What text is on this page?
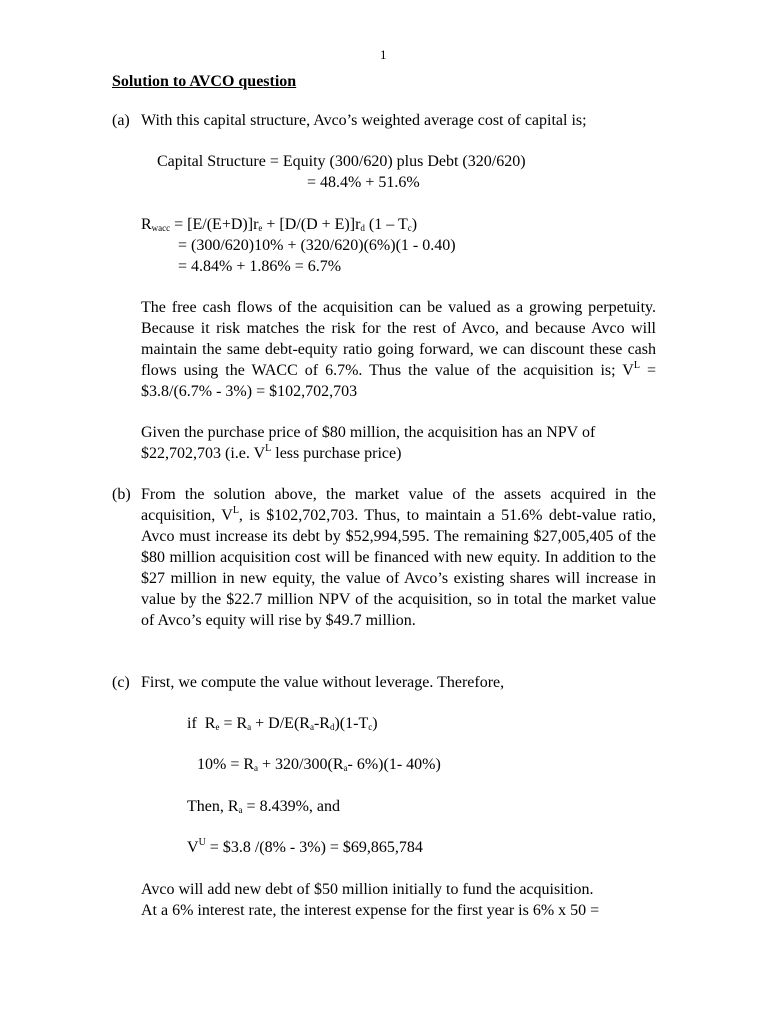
1
Solution to AVCO question
(a) With this capital structure, Avco’s weighted average cost of capital is;
Capital Structure = Equity (300/620) plus Debt (320/620)
= 48.4% + 51.6%
$R_{wacc} = [E/(E+D)]r_e + [D/(D + E)]r_d$ $(1 - T_c)$
= (300/620)10% + (320/620)(6%)(1 - 0.40)
= 4.84% + 1.86% = 6.7%
The free cash flows of the acquisition can be valued as a growing perpetuity. Because it risk matches the risk for the rest of Avco, and because Avco will maintain the same debt-equity ratio going forward, we can discount these cash flows using the WACC of 6.7%. Thus the value of the acquisition is; $V^L$ = $3.8/(6.7% - 3%) = $102,702,703
Given the purchase price of $80 million, the acquisition has an NPV of
$22,702,703 (i.e. $V^L$ less purchase price)
(b) From the solution above, the market value of the assets acquired in the acquisition, $V^L$, is $102,702,703. Thus, to maintain a 51.6% debt-value ratio, Avco must increase its debt by $52,994,595. The remaining $27,005,405 of the $80 million acquisition cost will be financed with new equity. In addition to the $27 million in new equity, the value of Avco’s existing shares will increase in value by the $22.7 million NPV of the acquisition, so in total the market value of Avco’s equity will rise by $49.7 million.
(c) First, we compute the value without leverage. Therefore,
if $R_e = R_a + D/E(R_a-R_d)(1-T_c)$
$10\% = R_a + 320/300(R_a-$ 6%)(1- 40%)
Then, $R_a = 8.439\%$, and
$V^U$ = $3.8 /(8% - 3%) = $69,865,784
Avco will add new debt of $50 million initially to fund the acquisition.
At a 6% interest rate, the interest expense for the first year is 6% x 50 =
